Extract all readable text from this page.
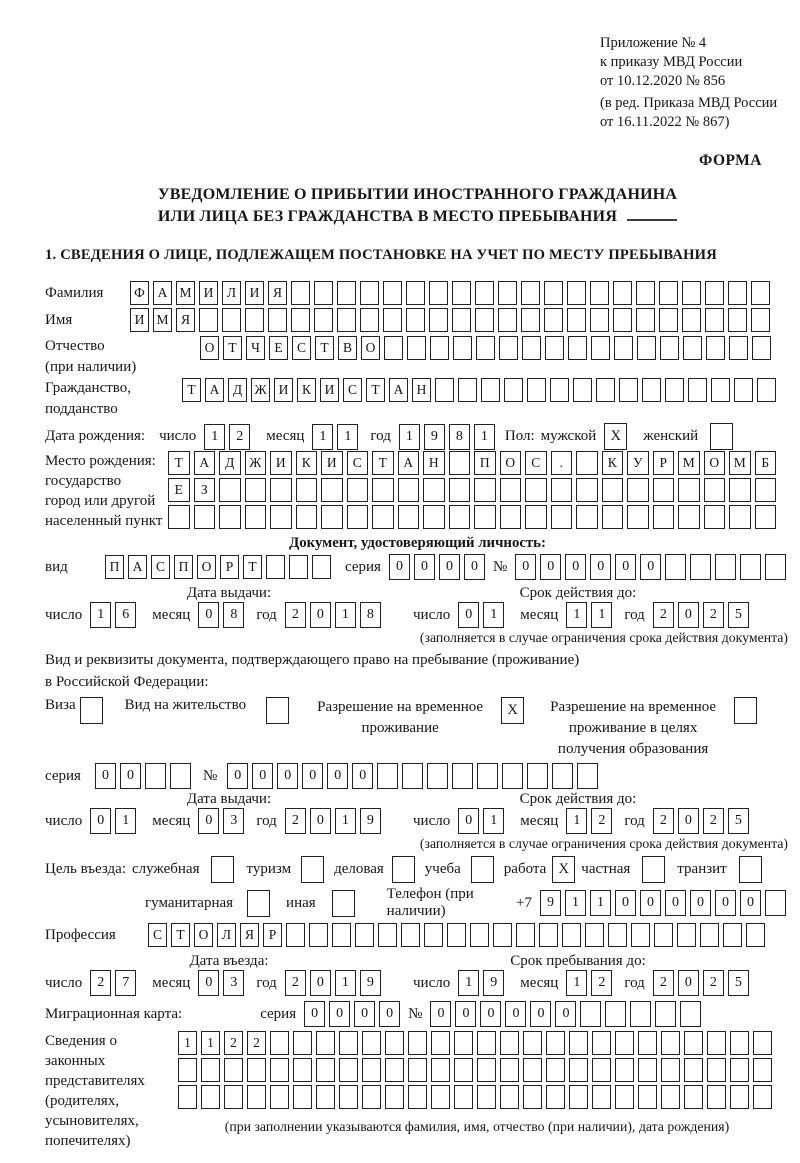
Приложение № 4
к приказу МВД России
от 10.12.2020 № 856
(в ред. Приказа МВД России
от 16.11.2022 № 867)
ФОРМА
УВЕДОМЛЕНИЕ О ПРИБЫТИИ ИНОСТРАННОГО ГРАЖДАНИНА
ИЛИ ЛИЦА БЕЗ ГРАЖДАНСТВА В МЕСТО ПРЕБЫВАНИЯ
1. СВЕДЕНИЯ О ЛИЦЕ, ПОДЛЕЖАЩЕМ ПОСТАНОВКЕ НА УЧЕТ ПО МЕСТУ ПРЕБЫВАНИЯ
Фамилия	Ф А М И	Л	И	Я
Имя	И М Я
Отчество
(при наличии)
О	Т	Ч	Е	С	Т	В	О
Гражданство,
подданство
Т	А	Д Ж И	К	И	С	Т	А Н
Дата рождения: число	1	2	месяц	1	1	год	1	9	8	1	Пол: мужской X	женский
Место рождения:
государство
город или другой
населенный пункт
Т	А	Д	Ж	И	К	И	С	Т	А	Н	П	О	С	.	К	У	Р	М	О	М	Б
Е	З
Документ, удостоверяющий личность:
вид	П А	С	П О	Р	Т	серия	0	0	0	0	№	0	0	0	0	0	0
Дата выдачи:	Срок действия до:
число	1	6	месяц	0	8	год	2	0	1	8	число	0	1	месяц	1	1	год	2	0	2	5
(заполняется в случае ограничения срока действия документа)
Вид и реквизиты документа, подтверждающего право на пребывание (проживание)
в Российской Федерации:
Виза	Вид на жительство	Разрешение на временное
проживание
X	Разрешение на временное
проживание в целях
получения образования
серия	0	0	№	0	0	0	0	0	0
Дата выдачи:	Срок действия до:
число	0	1	месяц	0	3	год	2	0	1	9	число	0	1	месяц	1	2	год	2	0	2	5
(заполняется в случае ограничения срока действия документа)
Цель въезда: служебная	туризм	деловая	учеба	работа X частная	транзит
гуманитарная	иная
Телефон (при наличии)
+7	9	1	1	0	0	0	0	0	0
Профессия	С	Т	О	Л	Я	Р
Дата въезда:	Срок пребывания до:
число	2	7	месяц	0	3	год	2	0	1	9	число	1	9	месяц	1	2	год	2	0	2	5
Миграционная карта:	серия	0	0	0	0	№	0	0	0	0	0	0
Сведения о
законных
представителях
(родителях,
усыновителях,
попечителях)
1	1	2	2
(при заполнении указываются фамилия, имя, отчество (при наличии), дата рождения)
